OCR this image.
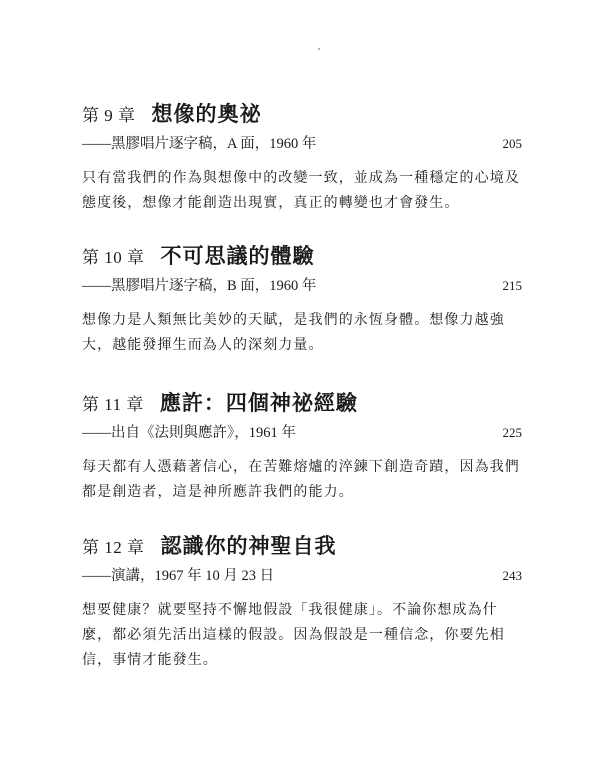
第 9 章 想像的奧祕
——黑膠唱片逐字稿，A 面，1960 年	205

只有當我們的作為與想像中的改變一致，並成為一種穩定的心境及態度後，想像才能創造出現實，真正的轉變也才會發生。

第 10 章 不可思議的體驗
——黑膠唱片逐字稿，B 面，1960 年	215

想像力是人類無比美妙的天賦，是我們的永恆身體。想像力越強大，越能發揮生而為人的深刻力量。

第 11 章 應許：四個神祕經驗
——出自《法則與應許》，1961 年	225

每天都有人憑藉著信心，在苦難熔爐的淬鍊下創造奇蹟，因為我們都是創造者，這是神所應許我們的能力。

第 12 章 認識你的神聖自我
——演講，1967 年 10 月 23 日	243

想要健康？就要堅持不懈地假設「我很健康」。不論你想成為什麼，都必須先活出這樣的假設。因為假設是一種信念，你要先相信，事情才能發生。
